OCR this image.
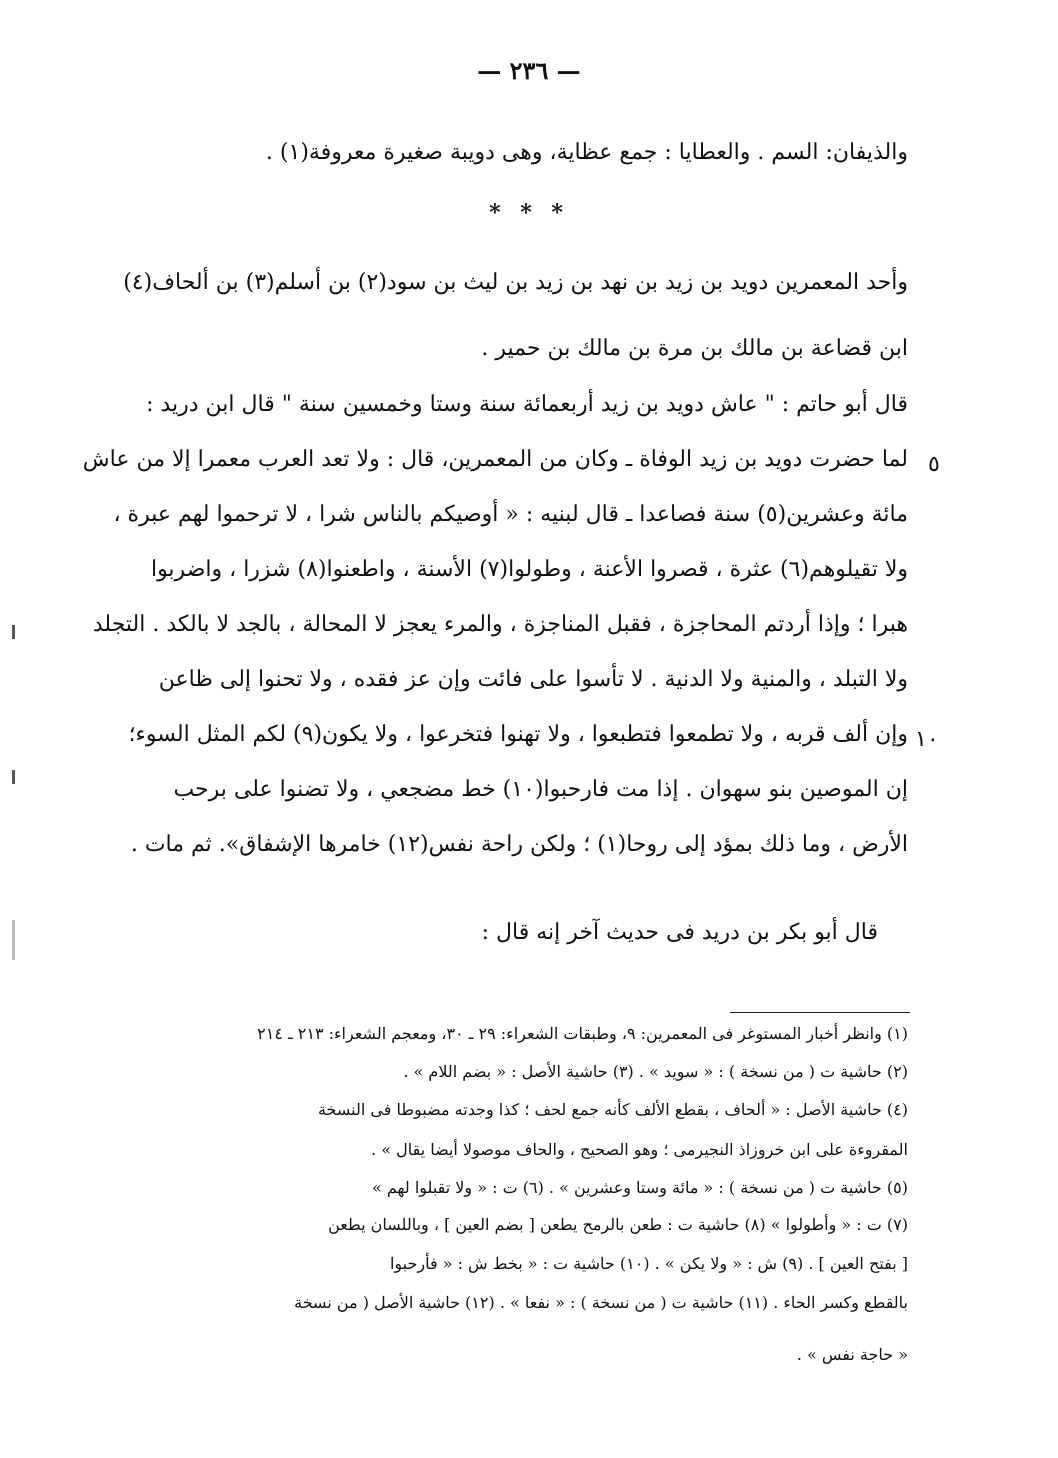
— ٢٣٦ —
والذيفان: السم . والعطايا : جمع عظاية، وهى دويبة صغيرة معروفة(١) .
* * *
وأحد المعمرين دويد بن زيد بن نهد بن زيد بن ليث بن سود(٢) بن أسلم(٣) بن ألحاف(٤)
ابن قضاعة بن مالك بن مرة بن مالك بن حمير .
قال أبو حاتم : " عاش دويد بن زيد أربعمائة سنة وستا وخمسين سنة " قال ابن دريد :
لما حضرت دويد بن زيد الوفاة ـ وكان من المعمرين، قال : ولا تعد العرب معمرا إلا من عاش
مائة وعشرين(٥) سنة فصاعدا ـ قال لبنيه : « أوصيكم بالناس شرا ، لا ترحموا لهم عبرة ،
ولا تقيلوهم(٦) عثرة ، قصروا الأعنة ، وطولوا(٧) الأسنة ، واطعنوا(٨) شزرا ، واضربوا
هبرا ؛ وإذا أردتم المحاجزة ، فقبل المناجزة ، والمرء يعجز لا المحالة ، بالجد لا بالكد . التجلد
ولا التبلد ، والمنية ولا الدنية . لا تأسوا على فائت وإن عز فقده ، ولا تحنوا إلى ظاعن
وإن ألف قربه ، ولا تطمعوا فتطبعوا ، ولا تهنوا فتخرعوا ، ولا يكون(٩) لكم المثل السوء؛
إن الموصين بنو سهوان . إذا مت فارحبوا(١٠) خط مضجعي ، ولا تضنوا على برحب
الأرض ، وما ذلك بمؤد إلى روحا(١) ؛ ولكن راحة نفس(١٢) خامرها الإشفاق». ثم مات .
قال أبو بكر بن دريد فى حديث آخر إنه قال :
٥
١٠
(١) وانظر أخبار المستوغر فى المعمرين: ٩، وطبقات الشعراء: ٢٩ ـ ٣٠، ومعجم الشعراء: ٢١٣ ـ ٢١٤
(٢) حاشية ت ( من نسخة ) : « سويد » . (٣) حاشية الأصل : « بضم اللام » .
(٤) حاشية الأصل : « ألحاف ، بقطع الألف كأنه جمع لحف ؛ كذا وجدته مضبوطا فى النسخة
المقروءة على ابن خروزاذ النجيرمى ؛ وهو الصحيح ، والحاف موصولا أيضا يقال » .
(٥) حاشية ت ( من نسخة ) : « مائة وستا وعشرين » . (٦) ت : « ولا تقبلوا لهم »
(٧) ت : « وأطولوا » (٨) حاشية ت : طعن بالرمح يطعن [ بضم العين ] ، وباللسان يطعن
[ بفتح العين ] . (٩) ش : « ولا يكن » . (١٠) حاشية ت : « بخط ش : « فأرحبوا
بالقطع وكسر الحاء . (١١) حاشية ت ( من نسخة ) : « نفعا » . (١٢) حاشية الأصل ( من نسخة
« حاجة نفس » .
